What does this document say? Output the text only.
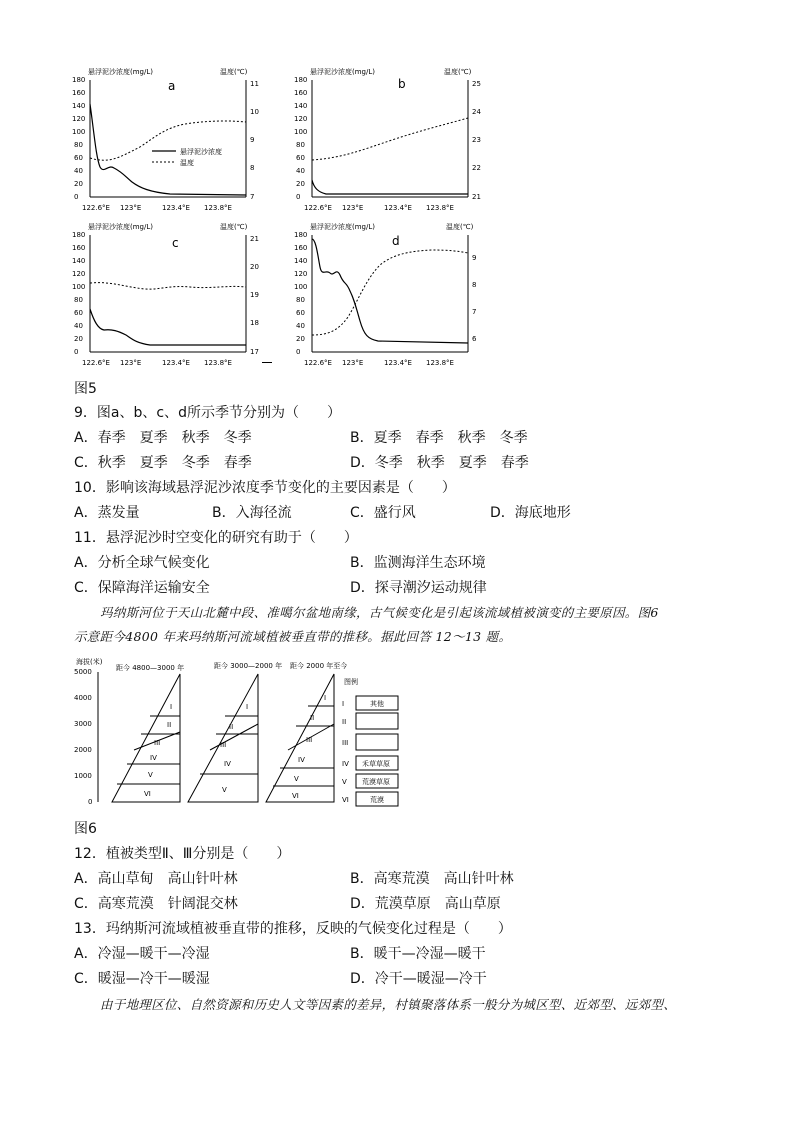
悬浮泥沙浓度(mg/L)	温度(℃)
a
0
20
40
60
80
100
120
140
160
180
7
8
9
10
11
122.6°E 123°E	123.4°E 123.8°E
悬浮泥沙浓度
温度
悬浮泥沙浓度(mg/L)	温度(℃)
b
0
20
40
60
80
100
120
140
160
180
21
22
23
24
25
122.6°E 123°E	123.4°E 123.8°E
悬浮泥沙浓度(mg/L)	温度(℃)
c
0
20
40
60
80
100
120
140
160
180
17
18
19
20
21
122.6°E 123°E	123.4°E 123.8°E
悬浮泥沙浓度(mg/L)	温度(℃)
d
0
20
40
60
80
100
120
140
160
180
6
7
8
9
122.6°E 123°E	123.4°E 123.8°E
图5
9．图a、b、c、d所示季节分别为（　　）
A．春季　夏季　秋季　冬季	B．夏季　春季　秋季　冬季
C．秋季　夏季　冬季　春季	D．冬季　秋季　夏季　春季
10．影响该海域悬浮泥沙浓度季节变化的主要因素是（　　）
A．蒸发量	B．入海径流	C．盛行风	D．海底地形
11．悬浮泥沙时空变化的研究有助于（　　）
A．分析全球气候变化	B．监测海洋生态环境
C．保障海洋运输安全	D．探寻潮汐运动规律
玛纳斯河位于天山北麓中段、准噶尔盆地南缘，古气候变化是引起该流域植被演变的主要原因。图6
示意距今4800 年来玛纳斯河流域植被垂直带的推移。据此回答 12～13 题。
海拔(米)
0
1000
2000
3000
4000
5000	距今 4800—3000 年	距今 3000—2000 年 距今 2000 年至今
I
II
III
IV
V
VI
I
II
III
IV
V
I
II
III
IV
V
VI
图例
I	其他
II
III
IV 禾草草原
V 荒漠草原
VI	荒漠
图6
12．植被类型Ⅱ、Ⅲ分别是（　　）
A．高山草甸　高山针叶林	B．高寒荒漠　高山针叶林
C．高寒荒漠　针阔混交林	D．荒漠草原　高山草原
13．玛纳斯河流域植被垂直带的推移，反映的气候变化过程是（　　）
A．冷湿—暖干—冷湿	B．暖干—冷湿—暖干
C．暖湿—冷干—暖湿	D．冷干—暖湿—冷干
由于地理区位、自然资源和历史人文等因素的差异，村镇聚落体系一般分为城区型、近郊型、远郊型、
